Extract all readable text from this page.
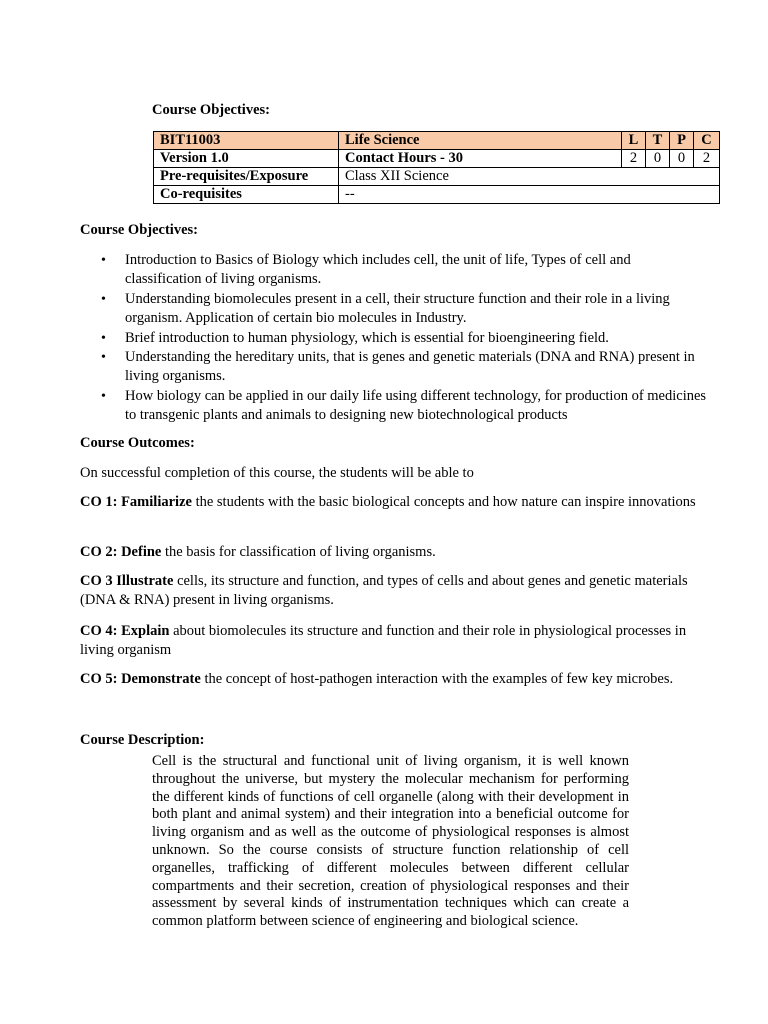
Course Objectives:
BIT11003	Life Science	L	T	P	C
Version 1.0	Contact Hours - 30	2	0	0	2
Pre-requisites/Exposure	Class XII Science				
Co-requisites	--				
Course Objectives:
• Introduction to Basics of Biology which includes cell, the unit of life, Types of cell and classification of living organisms.
• Understanding biomolecules present in a cell, their structure function and their role in a living organism. Application of certain bio molecules in Industry.
• Brief introduction to human physiology, which is essential for bioengineering field.
• Understanding the hereditary units, that is genes and genetic materials (DNA and RNA) present in living organisms.
• How biology can be applied in our daily life using different technology, for production of medicines to transgenic plants and animals to designing new biotechnological products
Course Outcomes:
On successful completion of this course, the students will be able to
CO 1: Familiarize the students with the basic biological concepts and how nature can inspire innovations
CO 2: Define the basis for classification of living organisms.
CO 3 Illustrate cells, its structure and function, and types of cells and about genes and genetic materials (DNA & RNA) present in living organisms.
CO 4: Explain about biomolecules its structure and function and their role in physiological processes in living organism
CO 5: Demonstrate the concept of host-pathogen interaction with the examples of few key microbes.
Course Description:
Cell is the structural and functional unit of living organism, it is well known throughout the universe, but mystery the molecular mechanism for performing the different kinds of functions of cell organelle (along with their development in both plant and animal system) and their integration into a beneficial outcome for living organism and as well as the outcome of physiological responses is almost unknown. So the course consists of structure function relationship of cell organelles, trafficking of different molecules between different cellular compartments and their secretion, creation of physiological responses and their assessment by several kinds of instrumentation techniques which can create a common platform between science of engineering and biological science.
